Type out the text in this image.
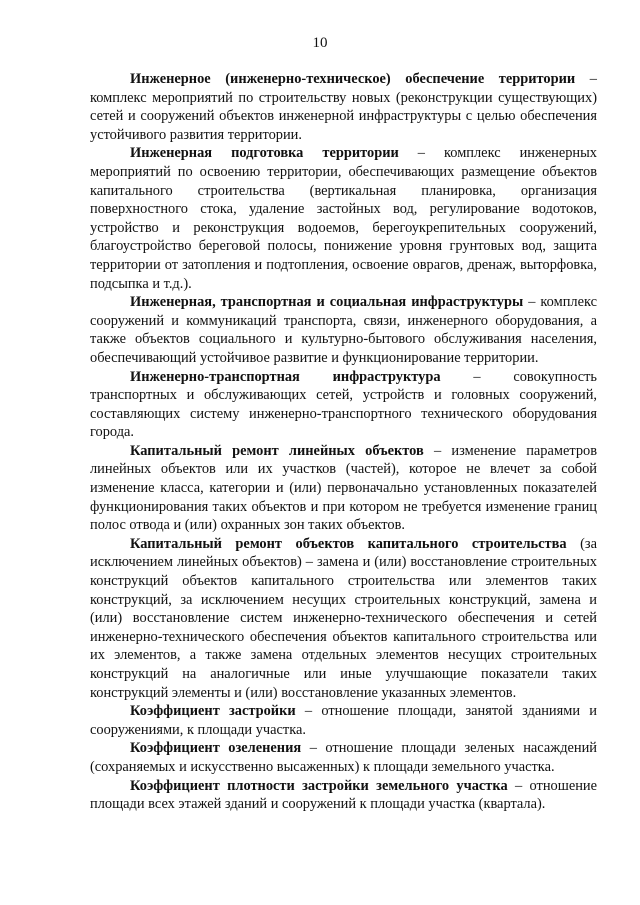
10

Инженерное (инженерно-техническое) обеспечение территории – комплекс мероприятий по строительству новых (реконструкции существующих) сетей и сооружений объектов инженерной инфраструктуры с целью обеспечения устойчивого развития территории.

Инженерная подготовка территории – комплекс инженерных мероприятий по освоению территории, обеспечивающих размещение объектов капитального строительства (вертикальная планировка, организация поверхностного стока, удаление застойных вод, регулирование водотоков, устройство и реконструкция водоемов, берегоукрепительных сооружений, благоустройство береговой полосы, понижение уровня грунтовых вод, защита территории от затопления и подтопления, освоение оврагов, дренаж, выторфовка, подсыпка и т.д.).

Инженерная, транспортная и социальная инфраструктуры – комплекс сооружений и коммуникаций транспорта, связи, инженерного оборудования, а также объектов социального и культурно-бытового обслуживания населения, обеспечивающий устойчивое развитие и функционирование территории.

Инженерно-транспортная инфраструктура – совокупность транспортных и обслуживающих сетей, устройств и головных сооружений, составляющих систему инженерно-транспортного технического оборудования города.

Капитальный ремонт линейных объектов – изменение параметров линейных объектов или их участков (частей), которое не влечет за собой изменение класса, категории и (или) первоначально установленных показателей функционирования таких объектов и при котором не требуется изменение границ полос отвода и (или) охранных зон таких объектов.

Капитальный ремонт объектов капитального строительства (за исключением линейных объектов) – замена и (или) восстановление строительных конструкций объектов капитального строительства или элементов таких конструкций, за исключением несущих строительных конструкций, замена и (или) восстановление систем инженерно-технического обеспечения и сетей инженерно-технического обеспечения объектов капитального строительства или их элементов, а также замена отдельных элементов несущих строительных конструкций на аналогичные или иные улучшающие показатели таких конструкций элементы и (или) восстановление указанных элементов.

Коэффициент застройки – отношение площади, занятой зданиями и сооружениями, к площади участка.

Коэффициент озеленения – отношение площади зеленых насаждений (сохраняемых и искусственно высаженных) к площади земельного участка.

Коэффициент плотности застройки земельного участка – отношение площади всех этажей зданий и сооружений к площади участка (квартала).
